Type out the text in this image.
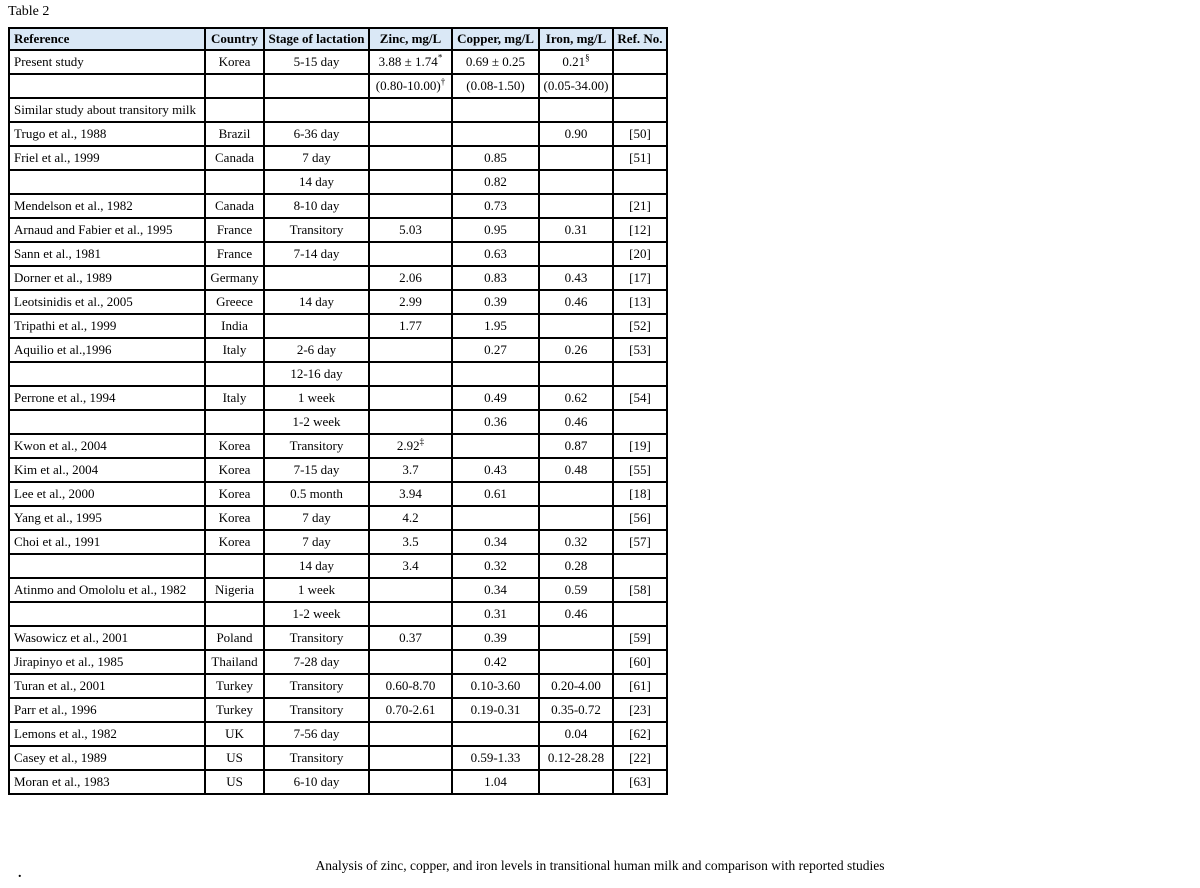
Table 2
Reference	Country	Stage of lactation	Zinc, mg/L	Copper, mg/L	Iron, mg/L	Ref. No.
Present study	Korea	5-15 day	3.88 ± 1.74*	0.69 ± 0.25	0.21§	
			(0.80-10.00)†	(0.08-1.50)	(0.05-34.00)	
Similar study about transitory milk						
Trugo et al., 1988	Brazil	6-36 day			0.90	[50]
Friel et al., 1999	Canada	7 day		0.85		[51]
		14 day		0.82		
Mendelson et al., 1982	Canada	8-10 day		0.73		[21]
Arnaud and Fabier et al., 1995	France	Transitory	5.03	0.95	0.31	[12]
Sann et al., 1981	France	7-14 day		0.63		[20]
Dorner et al., 1989	Germany		2.06	0.83	0.43	[17]
Leotsinidis et al., 2005	Greece	14 day	2.99	0.39	0.46	[13]
Tripathi et al., 1999	India		1.77	1.95		[52]
Aquilio et al.,1996	Italy	2-6 day		0.27	0.26	[53]
		12-16 day				
Perrone et al., 1994	Italy	1 week		0.49	0.62	[54]
		1-2 week		0.36	0.46	
Kwon et al., 2004	Korea	Transitory	2.92‡		0.87	[19]
Kim et al., 2004	Korea	7-15 day	3.7	0.43	0.48	[55]
Lee et al., 2000	Korea	0.5 month	3.94	0.61		[18]
Yang et al., 1995	Korea	7 day	4.2			[56]
Choi et al., 1991	Korea	7 day	3.5	0.34	0.32	[57]
		14 day	3.4	0.32	0.28	
Atinmo and Omololu et al., 1982	Nigeria	1 week		0.34	0.59	[58]
		1-2 week		0.31	0.46	
Wasowicz et al., 2001	Poland	Transitory	0.37	0.39		[59]
Jirapinyo et al., 1985	Thailand	7-28 day		0.42		[60]
Turan et al., 2001	Turkey	Transitory	0.60-8.70	0.10-3.60	0.20-4.00	[61]
Parr et al., 1996	Turkey	Transitory	0.70-2.61	0.19-0.31	0.35-0.72	[23]
Lemons et al., 1982	UK	7-56 day			0.04	[62]
Casey et al., 1989	US	Transitory		0.59-1.33	0.12-28.28	[22]
Moran et al., 1983	US	6-10 day		1.04		[63]
Analysis of zinc, copper, and iron levels in transitional human milk and comparison with reported studies
.
